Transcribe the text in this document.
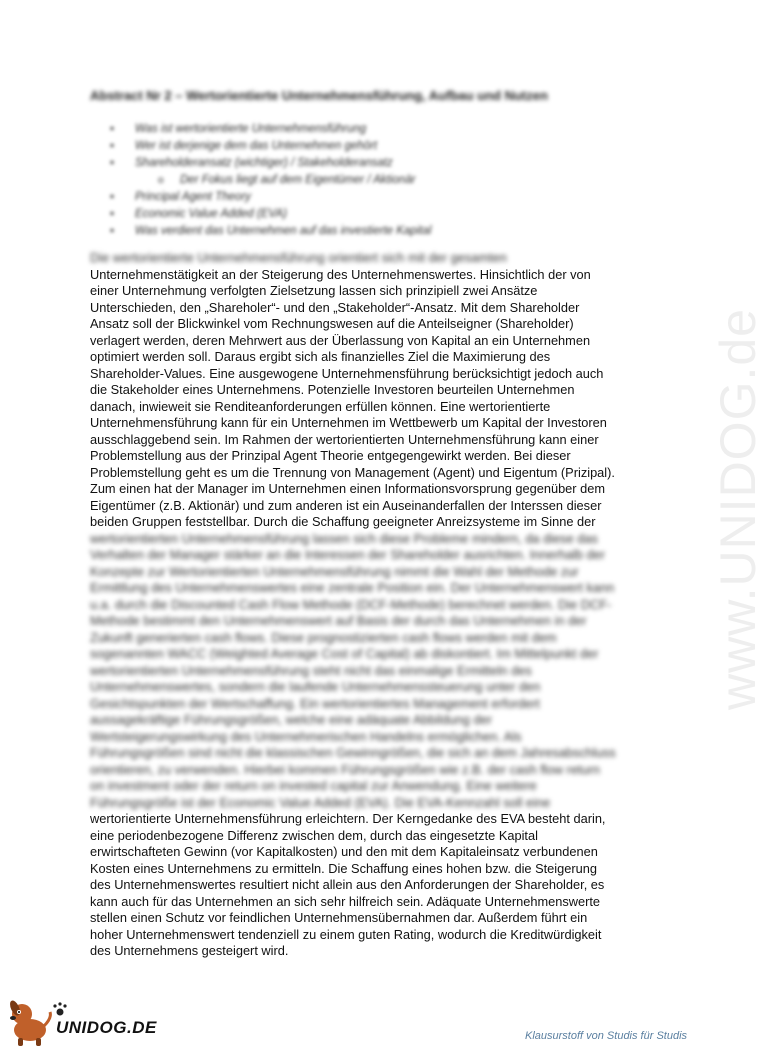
Abstract Nr 2 – Wertorientierte Unternehmensführung, Aufbau und Nutzen
▪ Was ist wertorientierte Unternehmensführung
▪ Wer ist derjenige dem das Unternehmen gehört
▪ Shareholderansatz (wichtiger) / Stakeholderansatz
o Der Fokus liegt auf dem Eigentümer / Aktionär
▪ Principal Agent Theory
▪ Economic Value Added (EVA)
▪ Was verdient das Unternehmen auf das investierte Kapital
Die wertorientierte Unternehmensführung orientiert sich mit der gesamten
Unternehmenstätigkeit an der Steigerung des Unternehmenswertes. Hinsichtlich der von
einer Unternehmung verfolgten Zielsetzung lassen sich prinzipiell zwei Ansätze
Unterschieden, den „Shareholer“- und den „Stakeholder“-Ansatz. Mit dem Shareholder
Ansatz soll der Blickwinkel vom Rechnungswesen auf die Anteilseigner (Shareholder)
verlagert werden, deren Mehrwert aus der Überlassung von Kapital an ein Unternehmen
optimiert werden soll. Daraus ergibt sich als finanzielles Ziel die Maximierung des
Shareholder-Values. Eine ausgewogene Unternehmensführung berücksichtigt jedoch auch
die Stakeholder eines Unternehmens. Potenzielle Investoren beurteilen Unternehmen
danach, inwieweit sie Renditeanforderungen erfüllen können. Eine wertorientierte
Unternehmensführung kann für ein Unternehmen im Wettbewerb um Kapital der Investoren
ausschlaggebend sein. Im Rahmen der wertorientierten Unternehmensführung kann einer
Problemstellung aus der Prinzipal Agent Theorie entgegengewirkt werden. Bei dieser
Problemstellung geht es um die Trennung von Management (Agent) und Eigentum (Prizipal).
Zum einen hat der Manager im Unternehmen einen Informationsvorsprung gegenüber dem
Eigentümer (z.B. Aktionär) und zum anderen ist ein Auseinanderfallen der Interssen dieser
beiden Gruppen feststellbar. Durch die Schaffung geeigneter Anreizsysteme im Sinne der
wertorientierten Unternehmensführung lassen sich diese Probleme mindern, da diese das
Verhalten der Manager stärker an die Interessen der Shareholder ausrichten. Innerhalb der
Konzepte zur Wertorientierten Unternehmensführung nimmt die Wahl der Methode zur
Ermittlung des Unternehmenswertes eine zentrale Position ein. Der Unternehmenswert kann
u.a. durch die Discounted Cash Flow Methode (DCF-Methode) berechnet werden. Die DCF-
Methode bestimmt den Unternehmenswert auf Basis der durch das Unternehmen in der
Zukunft generierten cash flows. Diese prognostizierten cash flows werden mit dem
sogenannten WACC (Weighted Average Cost of Capital) ab diskontiert. Im Mittelpunkt der
wertorientierten Unternehmensführung steht nicht das einmalige Ermitteln des
Unternehmenswertes, sondern die laufende Unternehmenssteuerung unter den
Gesichtspunkten der Wertschaffung. Ein wertorientiertes Management erfordert
aussagekräftige Führungsgrößen, welche eine adäquate Abbildung der
Wertsteigerungswirkung des Unternehmerischen Handelns ermöglichen. Als
Führungsgrößen sind nicht die klassischen Gewinngrößen, die sich an dem Jahresabschluss
orientieren, zu verwenden. Hierbei kommen Führungsgrößen wie z.B. der cash flow return
on investment oder der return on invested capital zur Anwendung. Eine weitere
Führungsgröße ist der Economic Value Added (EVA). Die EVA-Kennzahl soll eine
wertorientierte Unternehmensführung erleichtern. Der Kerngedanke des EVA besteht darin,
eine periodenbezogene Differenz zwischen dem, durch das eingesetzte Kapital
erwirtschafteten Gewinn (vor Kapitalkosten) und den mit dem Kapitaleinsatz verbundenen
Kosten eines Unternehmens zu ermitteln. Die Schaffung eines hohen bzw. die Steigerung
des Unternehmenswertes resultiert nicht allein aus den Anforderungen der Shareholder, es
kann auch für das Unternehmen an sich sehr hilfreich sein. Adäquate Unternehmenswerte
stellen einen Schutz vor feindlichen Unternehmensübernahmen dar. Außerdem führt ein
hoher Unternehmenswert tendenziell zu einem guten Rating, wodurch die Kreditwürdigkeit
des Unternehmens gesteigert wird.
www.UNIDOG.de
UNIDOG.DE	Klausurstoff von Studis für Studis
